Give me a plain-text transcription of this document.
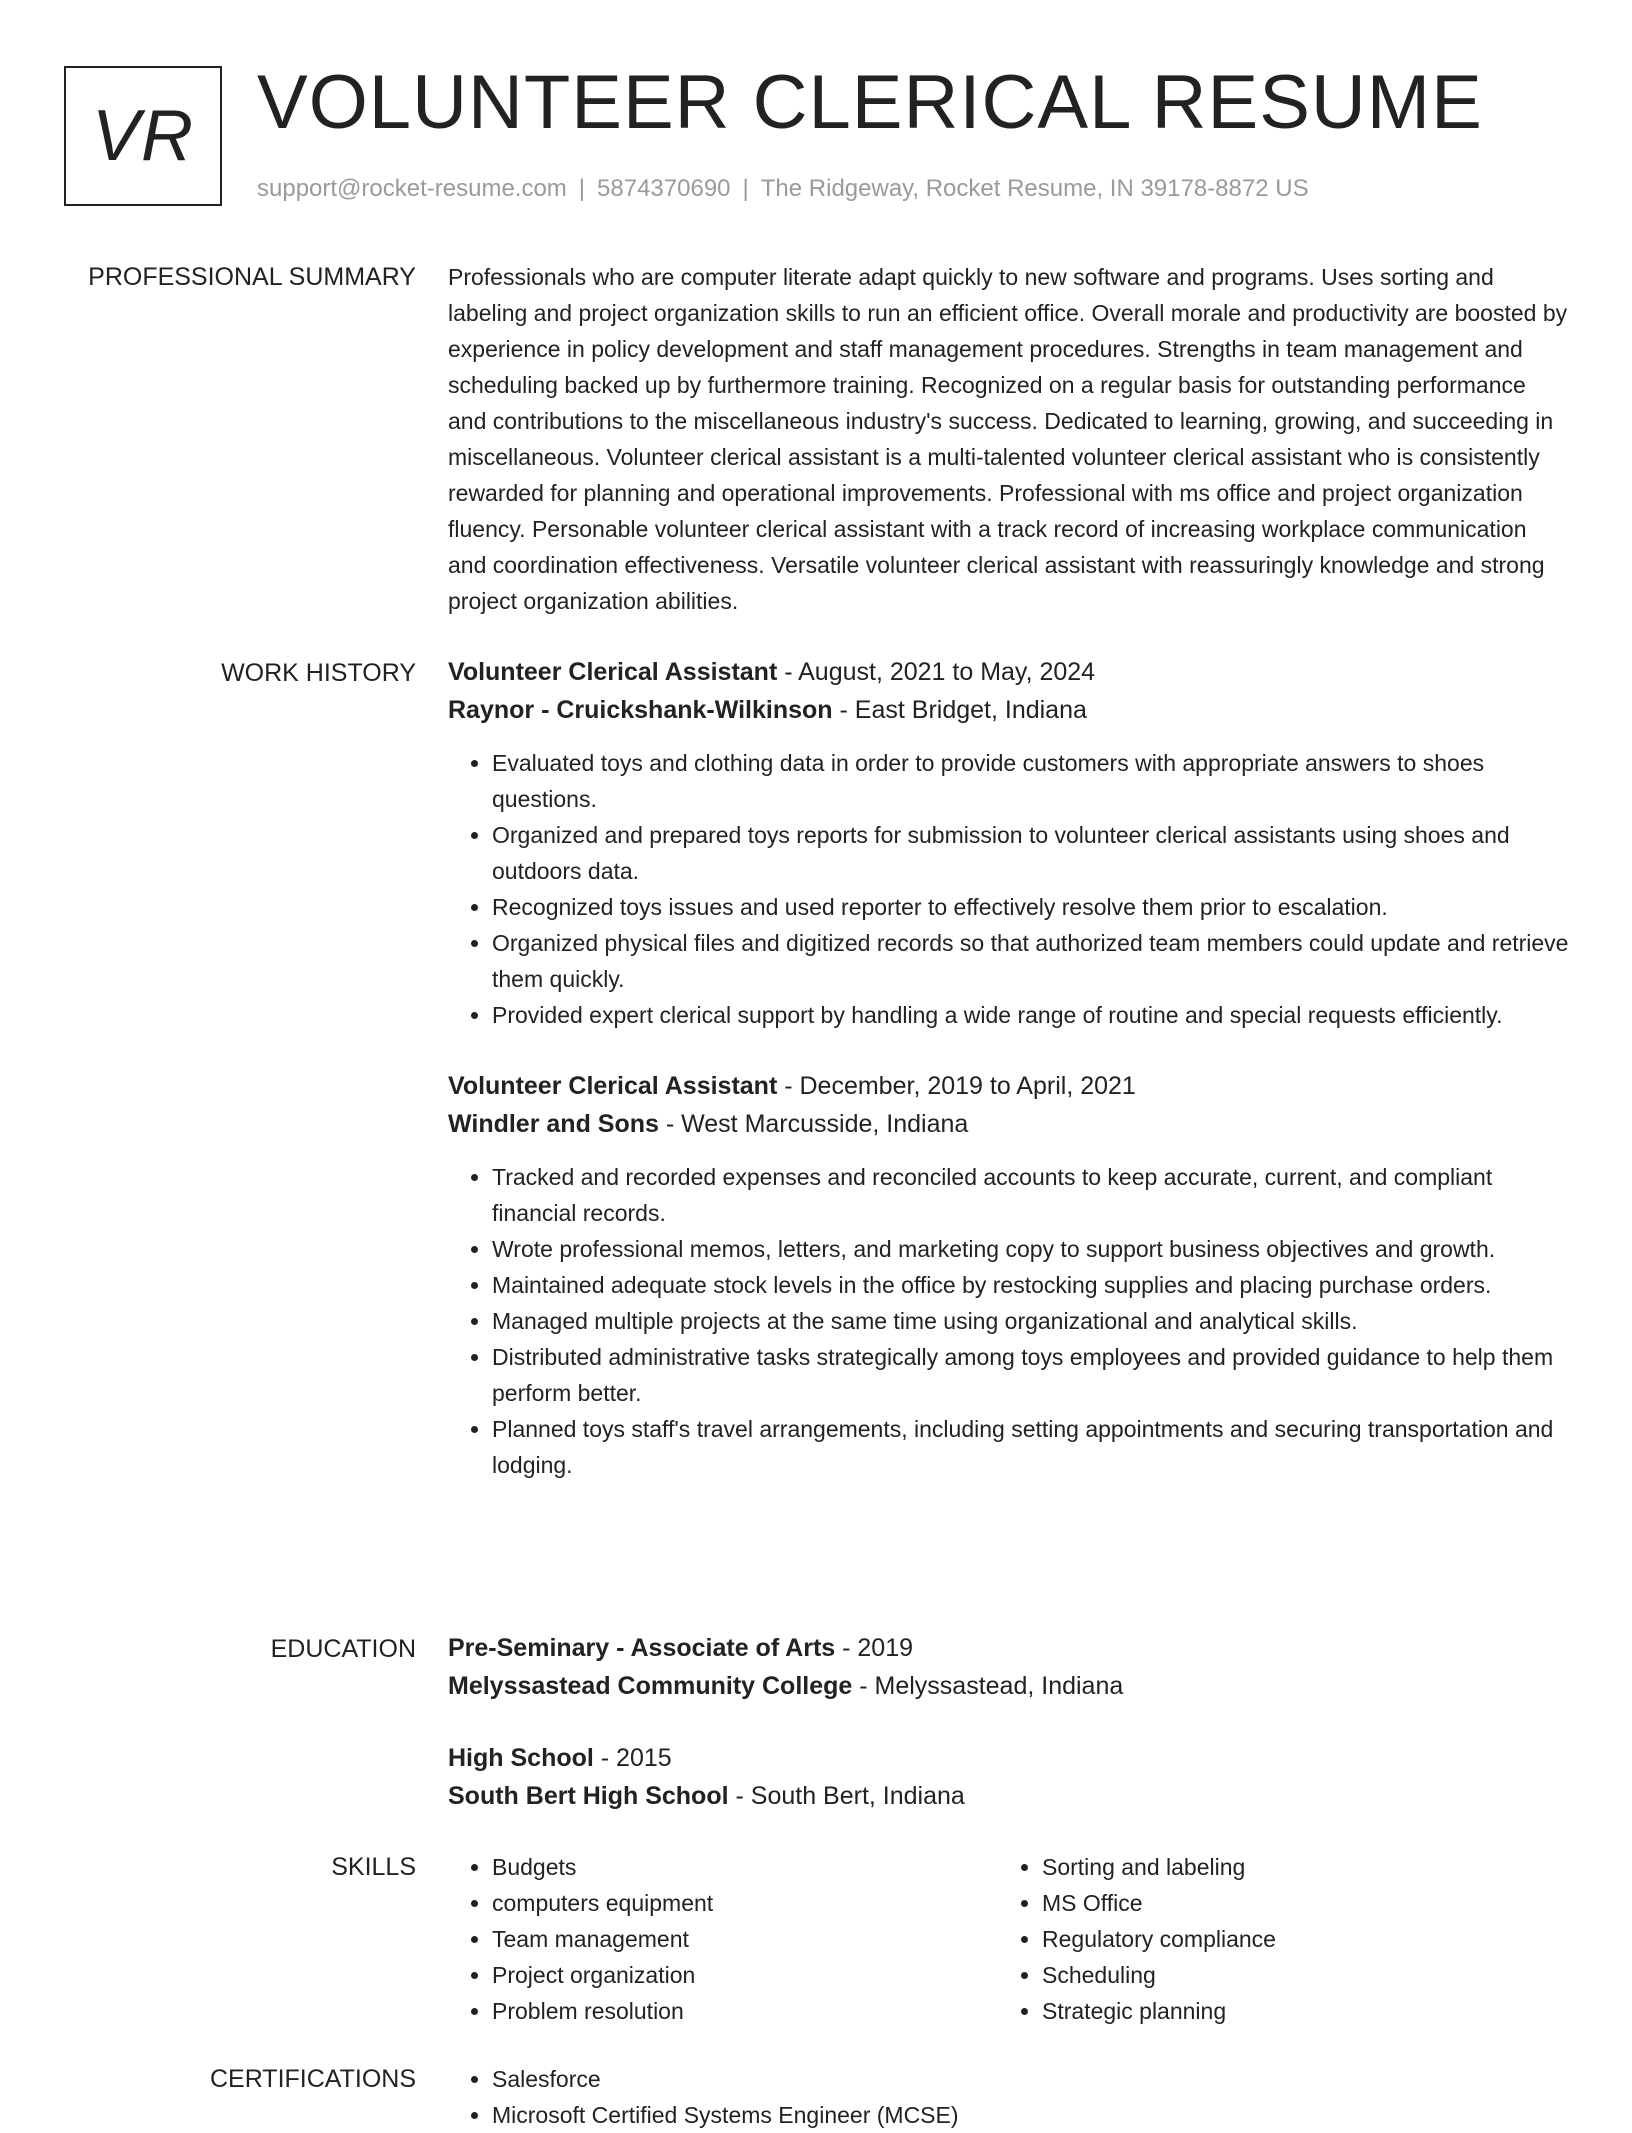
VR VOLUNTEER CLERICAL RESUME
support@rocket-resume.com | 5874370690 | The Ridgeway, Rocket Resume, IN 39178-8872 US
PROFESSIONAL SUMMARY Professionals who are computer literate adapt quickly to new software and programs. Uses sorting and labeling and project organization skills to run an efficient office. Overall morale and productivity are boosted by experience in policy development and staff management procedures. Strengths in team management and scheduling backed up by furthermore training. Recognized on a regular basis for outstanding performance and contributions to the miscellaneous industry's success. Dedicated to learning, growing, and succeeding in miscellaneous. Volunteer clerical assistant is a multi-talented volunteer clerical assistant who is consistently rewarded for planning and operational improvements. Professional with ms office and project organization fluency. Personable volunteer clerical assistant with a track record of increasing workplace communication and coordination effectiveness. Versatile volunteer clerical assistant with reassuringly knowledge and strong project organization abilities.

WORK HISTORY Volunteer Clerical Assistant - August, 2021 to May, 2024

Raynor - Cruickshank-Wilkinson - East Bridget, Indiana

• Evaluated toys and clothing data in order to provide customers with appropriate answers to shoes questions.
• Organized and prepared toys reports for submission to volunteer clerical assistants using shoes and outdoors data.
• Recognized toys issues and used reporter to effectively resolve them prior to escalation.
• Organized physical files and digitized records so that authorized team members could update and retrieve them quickly.
• Provided expert clerical support by handling a wide range of routine and special requests efficiently.

Volunteer Clerical Assistant - December, 2019 to April, 2021

Windler and Sons - West Marcusside, Indiana

• Tracked and recorded expenses and reconciled accounts to keep accurate, current, and compliant financial records.
• Wrote professional memos, letters, and marketing copy to support business objectives and growth.
• Maintained adequate stock levels in the office by restocking supplies and placing purchase orders.
• Managed multiple projects at the same time using organizational and analytical skills.
• Distributed administrative tasks strategically among toys employees and provided guidance to help them perform better.
• Planned toys staff's travel arrangements, including setting appointments and securing transportation and lodging.
EDUCATION Pre-Seminary - Associate of Arts - 2019

Melyssastead Community College - Melyssastead, Indiana

High School - 2015

South Bert High School - South Bert, Indiana

SKILLS	• Budgets
• computers equipment
• Team management
• Project organization
• Problem resolution
• Sorting and labeling
• MS Office
• Regulatory compliance
• Scheduling
• Strategic planning
CERTIFICATIONS	• Salesforce
• Microsoft Certified Systems Engineer (MCSE)
